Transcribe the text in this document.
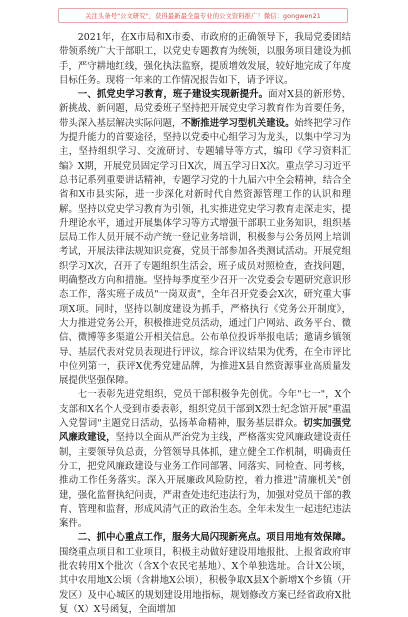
关注头条号"公文研究"，获得最新最全最专业的公文资料推广！微信：gongwen21

2021年，在X市局和X市委、市政府的正确领导下，我局党委团结带领系统广大干部职工，以党史专题教育为统领，以服务项目建设为抓手，严守耕地红线，强化执法监察，提质增效发展，较好地完成了年度目标任务。现将一年来的工作情况报告如下，请予评议。

一、抓党史学习教育，班子建设实现新提升。面对X县的新形势、新挑战、新问题，局党委班子坚持把开展党史学习教育作为首要任务，带头深入基层解决实际问题，不断推进学习型机关建设。始终把学习作为提升能力的首要途径，坚持以党委中心组学习为龙头，以集中学习为主，坚持组织学习、交流研讨、专题辅导等方式，编印《学习资料汇编》X期，开展党员固定学习日X次，周五学习日X次。重点学习习近平总书记系列重要讲话精神，专题学习党的十九届六中全会精神，结合全省和X市县实际，进一步深化对新时代自然资源管理工作的认识和理解。坚持以党史学习教育为引领，扎实推进党史学习教育走深走实，提升理论水平，通过开展集体学习等方式增强干部职工业务知识，组织基层局工作人员开展不动产统一登记业务培训，积极参与公务员网上培训考试，开展法律法规知识竞赛，党员干部参加各类测试活动。开展党组织学习X次，召开了专题组织生活会，班子成员对照检查，查找问题，明确整改方向和措施。坚持每季度至少召开一次党委会专题研究意识形态工作，落实班子成员"一岗双责"，全年召开党委会X次，研究重大事项X项。同时，坚持以制度建设为抓手，严格执行《党务公开制度》，大力推进党务公开，积极推进党员活动，通过门户网站、政务平台、微信、微博等多渠道公开相关信息。公布单位投诉举报电话；邀请乡镇领导、基层代表对党员表现进行评议，综合评议结果为优秀，在全市评比中位列第一，获评X优秀党建品牌，为推进X县自然资源事业高质量发展提供坚强保障。

七一表彰先进党组织，党员干部积极争先创优。今年"七一"，X个支部和X名个人受到市委表彰，组织党员干部到X烈士纪念馆开展"重温入党誓词"主题党日活动，弘扬革命精神，服务基层群众。切实加强党风廉政建设，坚持以全面从严治党为主线，严格落实党风廉政建设责任制，主要领导负总责，分管领导具体抓，建立健全工作机制，明确责任分工，把党风廉政建设与业务工作同部署、同落实、同检查、同考核，推动工作任务落实。深入开展廉政风险防控，着力推进"清廉机关"创建，强化监督执纪问责，严肃查处违纪违法行为，加强对党员干部的教育、管理和监督，形成风清气正的政治生态。全年未发生一起违纪违法案件。

二、抓中心重点工作，服务大局闪现新亮点。项目用地有效保障。围绕重点项目和工业项目，积极主动做好建设用地报批、上报省政府审批农转用X个批次（含X个农民宅基地）、X个单独选址。合计X公顷，其中农用地X公顷（含耕地X公顷），积极争取X县X个新增X个乡镇（开发区）及中心城区的规划建设用地指标，规划修改方案已经省政府X批复（X）X号函复，全面增加
